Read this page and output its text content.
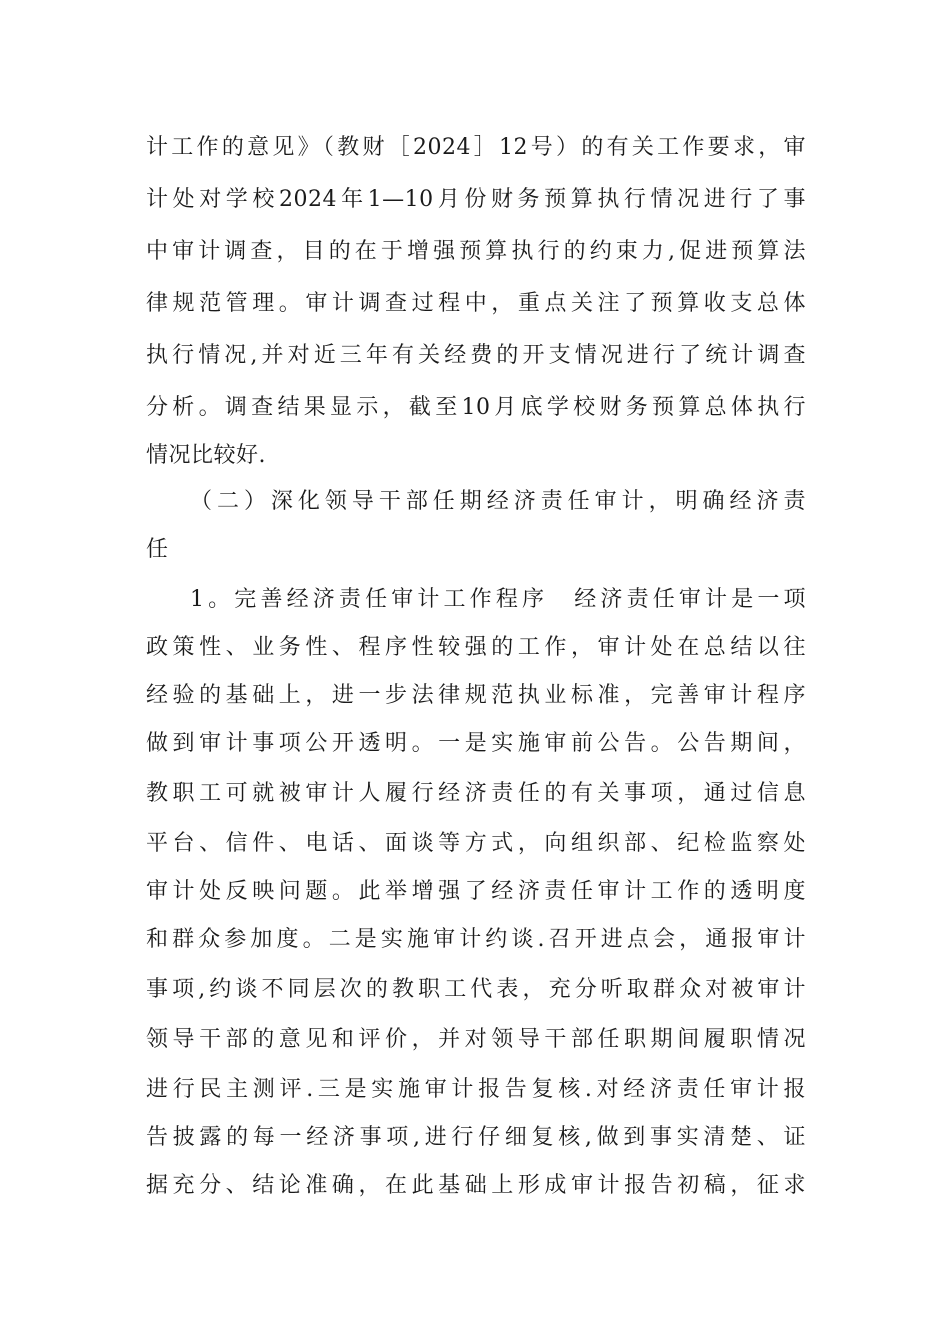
计工作的意见》（教财［2024］12号）的有关工作要求，审
计处对学校2024年1—10月份财务预算执行情况进行了事
中审计调查，目的在于增强预算执行的约束力,促进预算法
律规范管理。审计调查过程中，重点关注了预算收支总体
执行情况,并对近三年有关经费的开支情况进行了统计调查
分析。调查结果显示，截至10月底学校财务预算总体执行
情况比较好.
（二）深化领导干部任期经济责任审计，明确经济责
任
1。完善经济责任审计工作程序　经济责任审计是一项
政策性、业务性、程序性较强的工作，审计处在总结以往
经验的基础上，进一步法律规范执业标准，完善审计程序
做到审计事项公开透明。一是实施审前公告。公告期间，
教职工可就被审计人履行经济责任的有关事项，通过信息
平台、信件、电话、面谈等方式，向组织部、纪检监察处
审计处反映问题。此举增强了经济责任审计工作的透明度
和群众参加度。二是实施审计约谈.召开进点会，通报审计
事项,约谈不同层次的教职工代表，充分听取群众对被审计
领导干部的意见和评价，并对领导干部任职期间履职情况
进行民主测评.三是实施审计报告复核.对经济责任审计报
告披露的每一经济事项,进行仔细复核,做到事实清楚、证
据充分、结论准确，在此基础上形成审计报告初稿，征求
